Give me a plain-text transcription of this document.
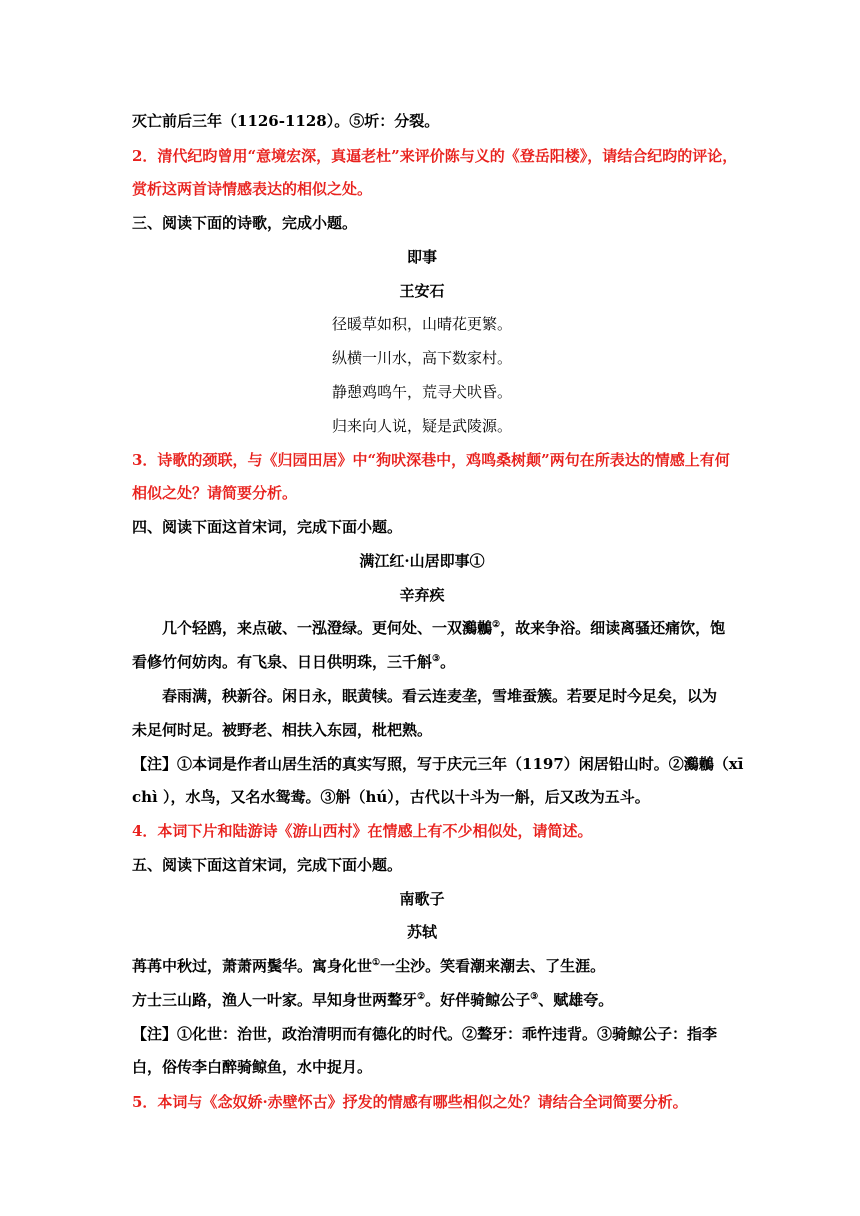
灭亡前后三年（1126-1128）。⑤圻：分裂。
2．清代纪昀曾用“意境宏深，真逼老杜”来评价陈与义的《登岳阳楼》，请结合纪昀的评论，
赏析这两首诗情感表达的相似之处。
三、阅读下面的诗歌，完成小题。
即事
王安石
径暖草如积，山晴花更繁。
纵横一川水，高下数家村。
静憩鸡鸣午，荒寻犬吠昏。
归来向人说，疑是武陵源。
3．诗歌的颈联，与《归园田居》中“狗吠深巷中，鸡鸣桑树颠”两句在所表达的情感上有何
相似之处？请简要分析。
四、阅读下面这首宋词，完成下面小题。
满江红·山居即事①
辛弃疾
几个轻鸥，来点破、一泓澄绿。更何处、一双鸂鶒②，故来争浴。细读离骚还痛饮，饱
看修竹何妨肉。有飞泉、日日供明珠，三千斛③。
春雨满，秧新谷。闲日永，眠黄犊。看云连麦垄，雪堆蚕簇。若要足时今足矣，以为
未足何时足。被野老、相扶入东园，枇杷熟。
【注】①本词是作者山居生活的真实写照，写于庆元三年（1197）闲居铅山时。②鸂鶒（xī
chì ），水鸟，又名水鸳鸯。③斛（hú），古代以十斗为一斛，后又改为五斗。
4．本词下片和陆游诗《游山西村》在情感上有不少相似处，请简述。
五、阅读下面这首宋词，完成下面小题。
南歌子
苏轼
苒苒中秋过，萧萧两鬓华。寓身化世①一尘沙。笑看潮来潮去、了生涯。
方士三山路，渔人一叶家。早知身世两聱牙②。好伴骑鲸公子③、赋雄夸。
【注】①化世：治世，政治清明而有德化的时代。②聱牙：乖忤违背。③骑鲸公子：指李
白，俗传李白醉骑鲸鱼，水中捉月。
5．本词与《念奴娇·赤壁怀古》抒发的情感有哪些相似之处？请结合全词简要分析。
